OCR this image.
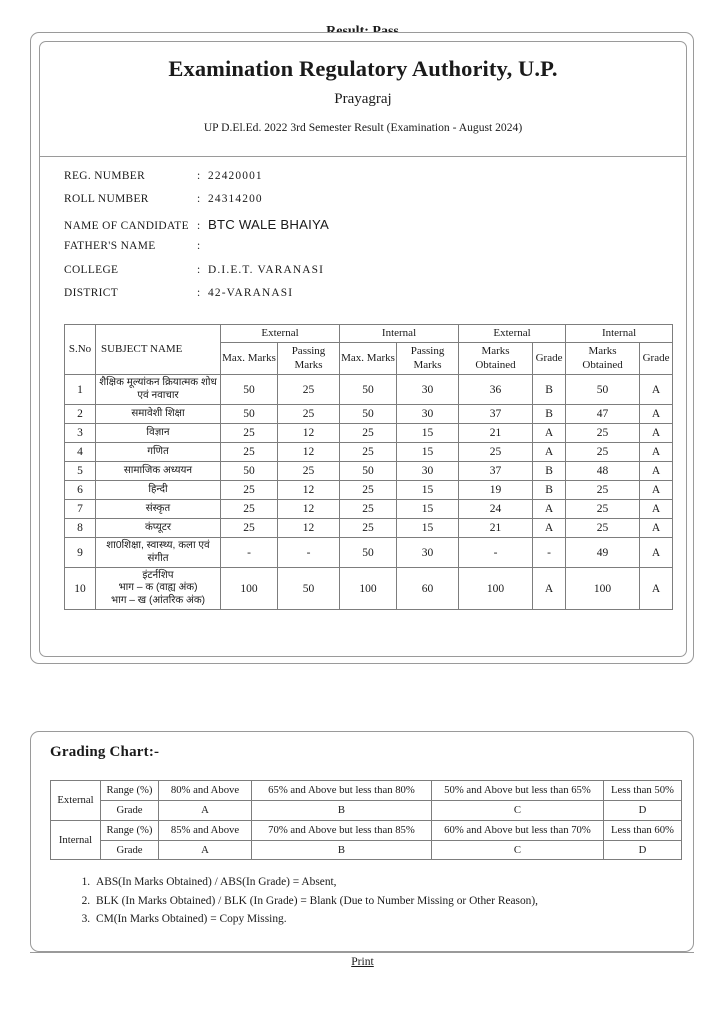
Examination Regulatory Authority, U.P.
Prayagraj
UP D.El.Ed. 2022 3rd Semester Result (Examination - August 2024)
REG. NUMBER	: 22420001
ROLL NUMBER	: 24314200
NAME OF CANDIDATE : BTC WALE BHAIYA
FATHER'S NAME	:
COLLEGE	: D.I.E.T. VARANASI
DISTRICT	: 42-VARANASI
S.No	SUBJECT NAME	External		Internal		External		Internal	
		Max. Marks	Passing Marks	Max. Marks	Passing Marks	Marks Obtained	Grade	Marks Obtained	Grade
1	शैक्षिक मूल्यांकन क्रियात्मक शोध एवं नवाचार	50	25	50	30	36	B	50	A
2	समावेशी शिक्षा	50	25	50	30	37	B	47	A
3	विज्ञान	25	12	25	15	21	A	25	A
4	गणित	25	12	25	15	25	A	25	A
5	सामाजिक अध्ययन	50	25	50	30	37	B	48	A
6	हिन्दी	25	12	25	15	19	B	25	A
7	संस्कृत	25	12	25	15	24	A	25	A
8	कंप्यूटर	25	12	25	15	21	A	25	A
9	शा0शिक्षा, स्वास्थ्य, कला एवं संगीत	-	-	50	30	-	-	49	A
10	इंटर्नशिप
भाग – क (वाह्य अंक)
भाग – ख (आंतरिक अंक)	100	50	100	60	100	A	100	A
Grading Chart:-
External	Range (%)	80% and Above	65% and Above but less than 80%	50% and Above but less than 65%	Less than 50%
	Grade	A	B	C	D
Internal	Range (%)	85% and Above	70% and Above but less than 85%	60% and Above but less than 70%	Less than 60%
	Grade	A	B	C	D
1. ABS(In Marks Obtained) / ABS(In Grade) = Absent,
2. BLK (In Marks Obtained) / BLK (In Grade) = Blank (Due to Number Missing or Other Reason),
3. CM(In Marks Obtained) = Copy Missing.
Print
